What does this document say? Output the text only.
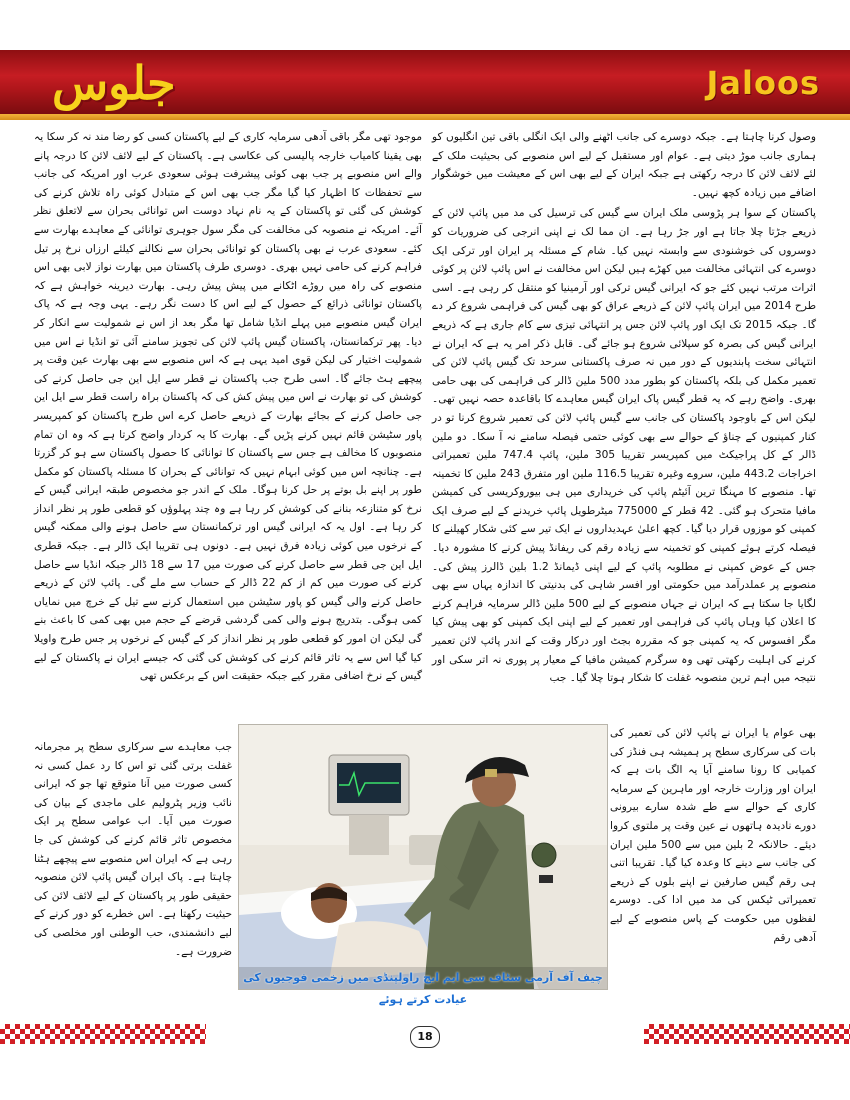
جلوس	Jaloos

وصول کرنا چاہتا ہے۔ جبکہ دوسرے کی جانب اٹھنے والی ایک انگلی باقی تین انگلیوں کو ہماری جانب موڑ دیتی ہے۔ عوام اور مستقبل کے لیے اس منصوبے کی بحیثیت ملک کے لئے لائف لائن کا درجہ رکھتی ہے جبکہ ایران کے لیے بھی اس کے معیشت میں خوشگوار اضافے میں زیادہ کچھ نہیں۔

پاکستان کے سوا ہر پڑوسی ملک ایران سے گیس کی ترسیل کی مد میں پائپ لائن کے ذریعے جڑتا چلا جاتا ہے اور جڑ رہا ہے۔ ان مما لک نے اپنی انرجی کی ضروریات کو دوسروں کی خوشنودی سے وابستہ نہیں کیا۔ شام کے مسئلہ پر ایران اور ترکی ایک دوسرے کی انتہائی مخالفت میں کھڑے ہیں لیکن اس مخالفت نے اس پائپ لائن پر کوئی اثرات مرتب نہیں کئے جو کہ ایرانی گیس ترکی اور آرمینیا کو منتقل کر رہی ہے۔ اسی طرح 2014 میں ایران پائپ لائن کے ذریعے عراق کو بھی گیس کی فراہمی شروع کر دے گا۔ جبکہ 2015 تک ایک اور پائپ لائن جس پر انتہائی تیزی سے کام جاری ہے کہ ذریعے ایرانی گیس کی بصرہ کو سپلائی شروع ہو جائے گی۔ قابل ذکر امر یہ ہے کہ ایران نے انتہائی سخت پابندیوں کے دور میں نہ صرف پاکستانی سرحد تک گیس پائپ لائن کی تعمیر مکمل کی بلکہ پاکستان کو بطور مدد 500 ملین ڈالر کی فراہمی کی بھی حامی بھری۔ واضح رہے کہ یہ قطر گیس پاک ایران گیس معاہدے کا باقاعدہ حصہ نہیں تھی۔ لیکن اس کے باوجود پاکستان کی جانب سے گیس پائپ لائن کی تعمیر شروع کرنا تو در کنار کمپنیوں کے چناؤ کے حوالے سے بھی کوئی حتمی فیصلہ سامنے نہ آ سکا۔ دو ملین ڈالر کے کل پراجیکٹ میں کمپریسر تقریبا 305 ملین، پائپ 747.4 ملین تعمیراتی اخراجات 443.2 ملین، سروے وغیرہ تقریبا 116.5 ملین اور متفرق 243 ملین کا تخمینہ تھا۔ منصوبے کا مہنگا ترین آئیٹم پائپ کی خریداری میں ہی بیوروکریسی کی کمیشن مافیا متحرک ہو گئی۔ 42 قطر کے 775000 میٹرطویل پائپ خریدنے کے لیے صرف ایک کمپنی کو موزوں قرار دیا گیا۔ کچھ اعلیٰ عہدیداروں نے ایک تیر سے کئی شکار کھیلنے کا فیصلہ کرتے ہوئے کمپنی کو تخمینہ سے زیادہ رقم کی ریفانڈ پیش کرنے کا مشورہ دیا۔ جس کے عوض کمپنی نے مطلوبہ پائپ کے لیے اپنی ڈیمانڈ 1.2 بلین ڈالرز پیش کی۔ منصوبے پر عملدرآمد میں حکومتی اور افسر شاہی کی بدنیتی کا اندازہ یہاں سے بھی لگایا جا سکتا ہے کہ ایران نے جہاں منصوبے کے لیے 500 ملین ڈالر سرمایہ فراہم کرنے کا اعلان کیا وہاں پائپ کی فراہمی اور تعمیر کے لیے اپنی ایک کمپنی کو بھی پیش کیا مگر افسوس کہ یہ کمپنی جو کہ مقررہ بجٹ اور درکار وقت کے اندر پائپ لائن تعمیر کرنے کی اہلیت رکھتی تھی وہ سرگرم کمیشن مافیا کے معیار پر پوری نہ اتر سکی اور نتیجہ میں اہم ترین منصوبہ غفلت کا شکار ہوتا چلا گیا۔ جب

موجود تھی مگر باقی آدھی سرمایہ کاری کے لیے پاکستان کسی کو رضا مند نہ کر سکا یہ بھی یقینا کامیاب خارجہ پالیسی کی عکاسی ہے۔ پاکستان کے لیے لائف لائن کا درجہ پانے والے اس منصوبے پر جب بھی کوئی پیشرفت ہوئی سعودی عرب اور امریکہ کی جانب سے تحفظات کا اظہار کیا گیا مگر جب بھی اس کے متبادل کوئی راہ تلاش کرنے کی کوشش کی گئی تو پاکستان کے یہ نام نہاد دوست اس توانائی بحران سے لاتعلق نظر آئے۔ امریکہ نے منصوبہ کی مخالفت کی مگر سول جوہری توانائی کے معاہدے بھارت سے کئے۔ سعودی عرب نے بھی پاکستان کو توانائی بحران سے نکالنے کیلئے ارزاں نرخ پر تیل فراہم کرنے کی حامی نہیں بھری۔ دوسری طرف پاکستان میں بھارت نواز لابی بھی اس منصوبے کی راہ میں روڑے اٹکانے میں پیش پیش رہی۔ بھارت دیرینہ خواہش ہے کہ پاکستان توانائی ذرائع کے حصول کے لیے اس کا دست نگر رہے۔ یہی وجہ ہے کہ پاک ایران گیس منصوبے میں پہلے انڈیا شامل تھا مگر بعد از اس نے شمولیت سے انکار کر دیا۔ پھر ترکمانستان، پاکستان گیس پائپ لائن کی تجویز سامنے آئی تو انڈیا نے اس میں شمولیت اختیار کی لیکن قوی امید یہی ہے کہ اس منصوبے سے بھی بھارت عین وقت پر پیچھے ہٹ جائے گا۔ اسی طرح جب پاکستان نے قطر سے ایل این جی حاصل کرنے کی کوشش کی تو بھارت نے اس میں پیش کش کی کہ پاکستان براہ راست قطر سے ایل این جی حاصل کرنے کے بجائے بھارت کے ذریعے حاصل کرے اس طرح پاکستان کو کمپریسر پاور سٹیشن قائم نہیں کرنے پڑیں گے۔ بھارت کا یہ کردار واضح کرتا ہے کہ وہ ان تمام منصوبوں کا مخالف ہے جس سے پاکستان کا توانائی کا حصول پاکستان سے ہو کر گزرتا ہے۔ چنانچہ اس میں کوئی ابہام نہیں کہ توانائی کے بحران کا مسئلہ پاکستان کو مکمل طور پر اپنے بل بوتے پر حل کرنا ہوگا۔ ملک کے اندر جو مخصوص طبقہ ایرانی گیس کے نرخ کو متنازعہ بنانے کی کوشش کر رہا ہے وہ چند پہلوؤں کو قطعی طور پر نظر انداز کر رہا ہے۔ اول یہ کہ ایرانی گیس اور ترکمانستان سے حاصل ہونے والی ممکنہ گیس کے نرخوں میں کوئی زیادہ فرق نہیں ہے۔ دونوں ہی تقریبا ایک ڈالر ہے۔ جبکہ قطری ایل این جی قطر سے حاصل کرنے کی صورت میں 17 سے 18 ڈالر جبکہ انڈیا سے حاصل کرنے کی صورت میں کم از کم 22 ڈالر کے حساب سے ملے گی۔ پائپ لائن کے ذریعے حاصل کرنے والی گیس کو پاور سٹیشن میں استعمال کرنے سے تیل کے خرچ میں نمایاں کمی ہوگی۔ بتدریج ہونے والی کمی گردشی قرضے کے حجم میں بھی کمی کا باعث بنے گی لیکن ان امور کو قطعی طور پر نظر انداز کر کے گیس کے نرخوں پر جس طرح واویلا کیا گیا اس سے یہ تاثر قائم کرنے کی کوشش کی گئی کہ جیسے ایران نے پاکستان کے لیے گیس کے نرخ اضافی مقرر کیے جبکہ حقیقت اس کے برعکس تھی

بھی عوام یا ایران نے پائپ لائن کی تعمیر کی بات کی سرکاری سطح پر ہمیشہ ہی فنڈز کی کمیابی کا رونا سامنے آیا یہ الگ بات ہے کہ ایران اور وزارت خارجہ اور ماہرین کے سرمایہ کاری کے حوالے سے طے شدہ سارے بیرونی دورے نادیدہ ہاتھوں نے عین وقت پر ملتوی کروا دیئے۔ حالانکہ 2 بلین میں سے 500 ملین ایران کی جانب سے دینے کا وعدہ کیا گیا۔ تقریبا اتنی ہی رقم گیس صارفین نے اپنے بلوں کے ذریعے تعمیراتی ٹیکس کی مد میں ادا کی۔ دوسرے لفظوں میں حکومت کے پاس منصوبے کے لیے آدھی رقم
جب معاہدے سے سرکاری سطح پر مجرمانہ غفلت برتی گئی تو اس کا رد عمل کسی نہ کسی صورت میں آنا متوقع تھا جو کہ ایرانی نائب وزیر پٹرولیم علی ماجدی کے بیان کی صورت میں آیا۔ اب عوامی سطح پر ایک مخصوص تاثر قائم کرنے کی کوشش کی جا رہی ہے کہ ایران اس منصوبے سے پیچھے ہٹنا چاہتا ہے۔ پاک ایران گیس پائپ لائن منصوبہ حقیقی طور پر پاکستان کے لیے لائف لائن کی حیثیت رکھتا ہے۔ اس خطرے کو دور کرنے کے لیے دانشمندی، حب الوطنی اور مخلصی کی ضرورت ہے۔
چیف آف آرمی سٹاف سی ایم ایچ راولپنڈی میں زخمی فوجیوں کی عیادت کرتے ہوئے
18
